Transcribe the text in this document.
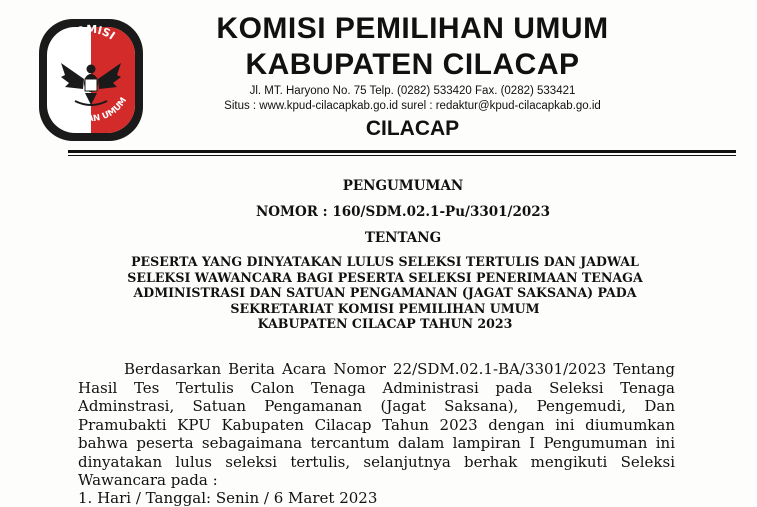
KOMISI
PEMILIHAN UMUM
KOMISI PEMILIHAN UMUM
KABUPATEN CILACAP
Jl. MT. Haryono No. 75 Telp. (0282) 533420 Fax. (0282) 533421
Situs : www.kpud-cilacapkab.go.id surel : redaktur@kpud-cilacapkab.go.id
CILACAP
PENGUMUMAN
NOMOR : 160/SDM.02.1-Pu/3301/2023
TENTANG
PESERTA YANG DINYATAKAN LULUS SELEKSI TERTULIS DAN JADWAL
SELEKSI WAWANCARA BAGI PESERTA SELEKSI PENERIMAAN TENAGA
ADMINISTRASI DAN SATUAN PENGAMANAN (JAGAT SAKSANA) PADA
SEKRETARIAT KOMISI PEMILIHAN UMUM
KABUPATEN CILACAP TAHUN 2023
Berdasarkan Berita Acara Nomor 22/SDM.02.1-BA/3301/2023 Tentang Hasil Tes Tertulis Calon Tenaga Administrasi pada Seleksi Tenaga Adminstrasi, Satuan Pengamanan (Jagat Saksana), Pengemudi, Dan Pramubakti KPU Kabupaten Cilacap Tahun 2023 dengan ini diumumkan bahwa peserta sebagaimana tercantum dalam lampiran I Pengumuman ini dinyatakan lulus seleksi tertulis, selanjutnya berhak mengikuti Seleksi Wawancara pada :
1. Hari / Tanggal: Senin / 6 Maret 2023
